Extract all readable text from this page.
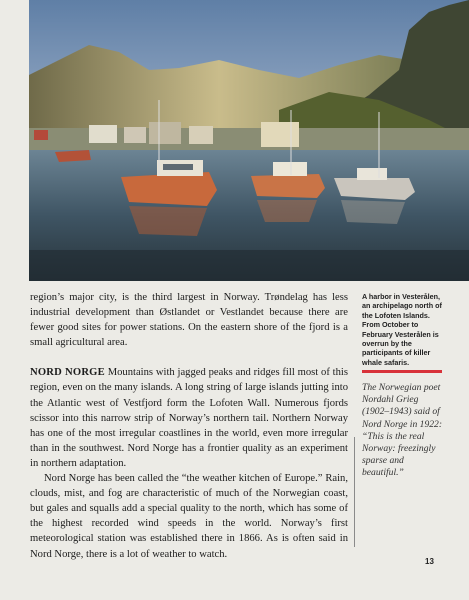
region’s major city, is the third largest in Norway. Trøndelag has less industrial development than Østlandet or Vestlandet because there are fewer good sites for power stations. On the eastern shore of the fjord is a small agricultural area.

NORD NORGE Mountains with jagged peaks and ridges fill most of this region, even on the many islands. A long string of large islands jutting into the Atlantic west of Vestfjord form the Lofoten Wall. Numerous fjords scissor into this narrow strip of Norway’s northern tail. Northern Norway has one of the most irregular coastlines in the world, even more irregular than in the southwest. Nord Norge has a frontier quality as an experiment in northern adaptation.

Nord Norge has been called the “the weather kitchen of Europe.” Rain, clouds, mist, and fog are characteristic of much of the Norwegian coast, but gales and squalls add a special quality to the north, which has some of the highest recorded wind speeds in the world. Norway’s first meteorological station was established there in 1866. As is often said in Nord Norge, there is a lot of weather to watch.

A harbor in Vesterålen, an archipelago north of the Lofoten Islands. From October to February Vesterålen is overrun by the participants of killer whale safaris.
The Norwegian poet Nordahl Grieg (1902–1943) said of Nord Norge in 1922: “This is the real Norway: freezingly sparse and beautiful.”
13
